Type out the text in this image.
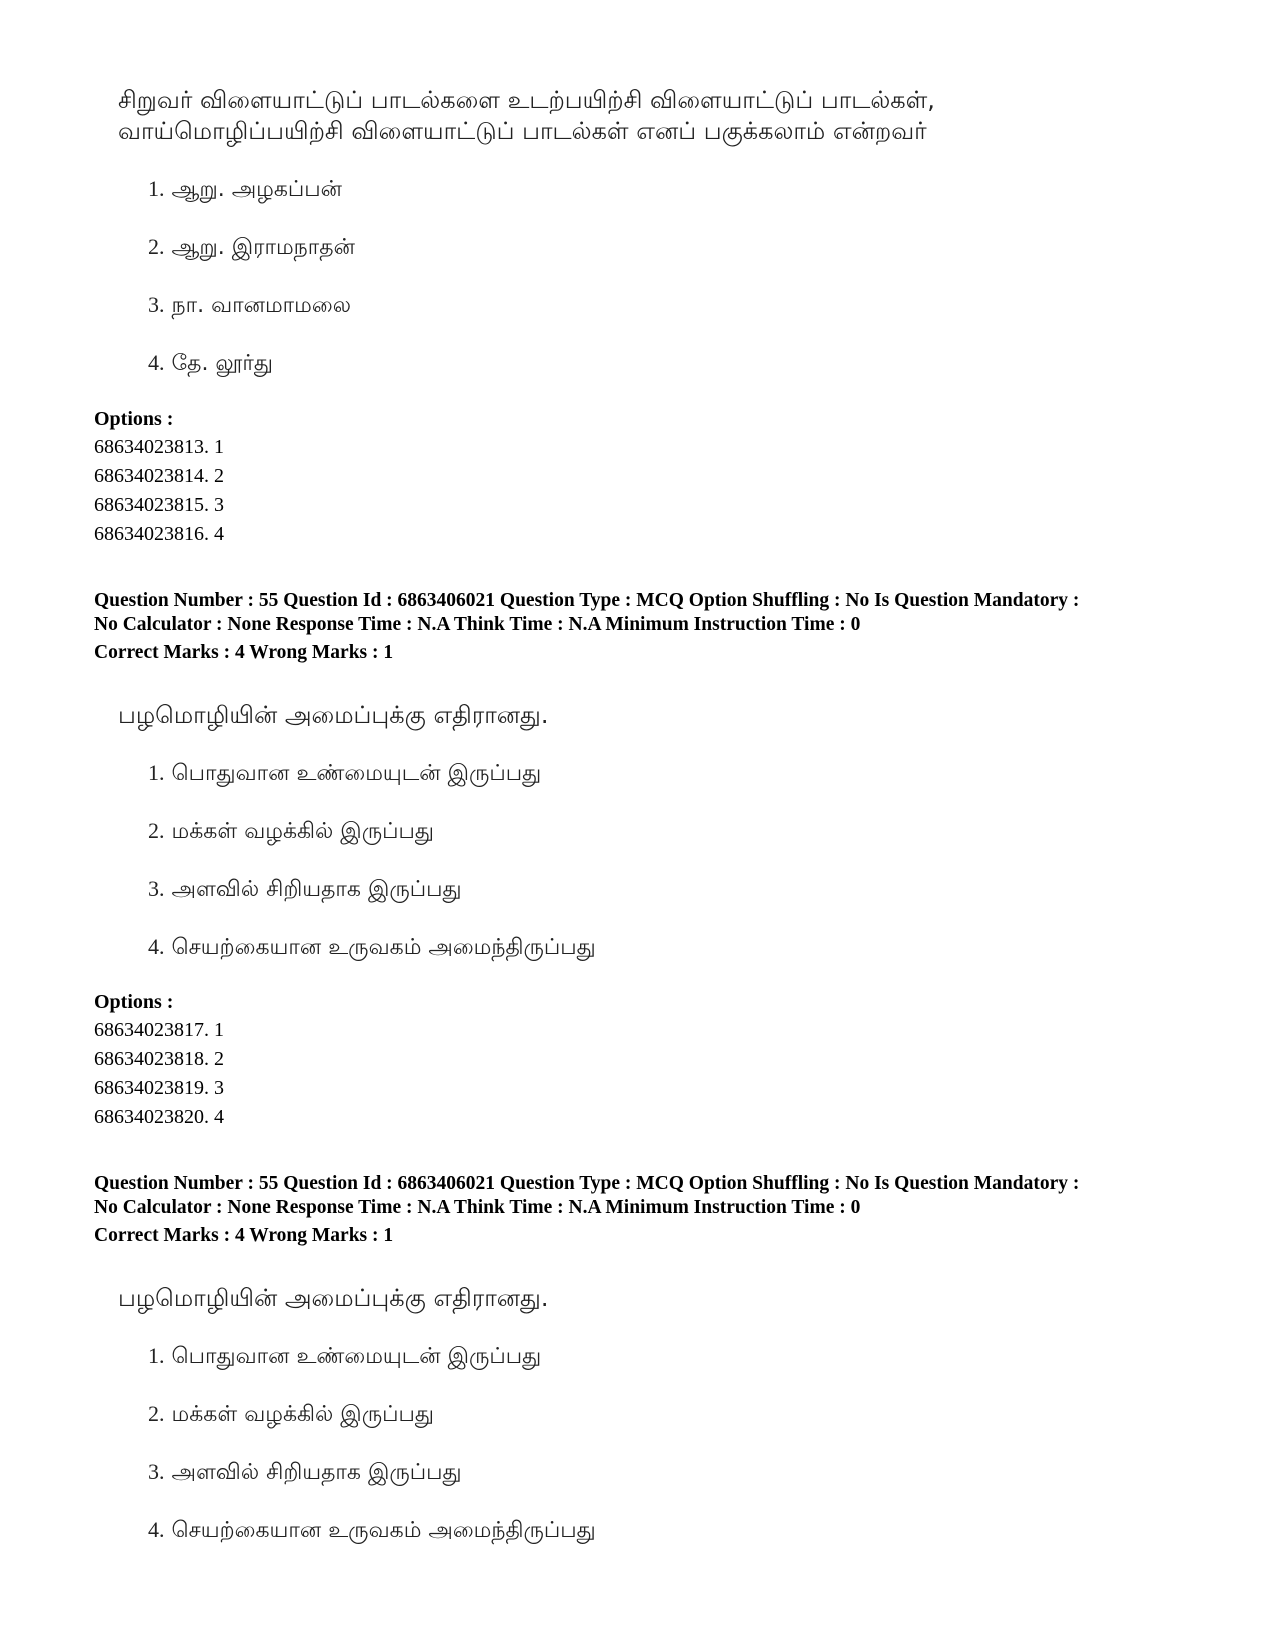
சிறுவர் விளையாட்டுப் பாடல்களை உடற்பயிற்சி விளையாட்டுப் பாடல்கள்,
வாய்மொழிப்பயிற்சி விளையாட்டுப் பாடல்கள் எனப் பகுக்கலாம் என்றவர்
1. ஆறு. அழகப்பன்
2. ஆறு. இராமநாதன்
3. நா. வானமாமலை
4. தே. லூர்து
Options :
68634023813. 1
68634023814. 2
68634023815. 3
68634023816. 4
Question Number : 55 Question Id : 6863406021 Question Type : MCQ Option Shuffling : No Is Question Mandatory :
No Calculator : None Response Time : N.A Think Time : N.A Minimum Instruction Time : 0
Correct Marks : 4 Wrong Marks : 1
பழமொழியின் அமைப்புக்கு எதிரானது.
1. பொதுவான உண்மையுடன் இருப்பது
2. மக்கள் வழக்கில் இருப்பது
3. அளவில் சிறியதாக இருப்பது
4. செயற்கையான உருவகம் அமைந்திருப்பது
Options :
68634023817. 1
68634023818. 2
68634023819. 3
68634023820. 4
Question Number : 55 Question Id : 6863406021 Question Type : MCQ Option Shuffling : No Is Question Mandatory :
No Calculator : None Response Time : N.A Think Time : N.A Minimum Instruction Time : 0
Correct Marks : 4 Wrong Marks : 1
பழமொழியின் அமைப்புக்கு எதிரானது.
1. பொதுவான உண்மையுடன் இருப்பது
2. மக்கள் வழக்கில் இருப்பது
3. அளவில் சிறியதாக இருப்பது
4. செயற்கையான உருவகம் அமைந்திருப்பது
